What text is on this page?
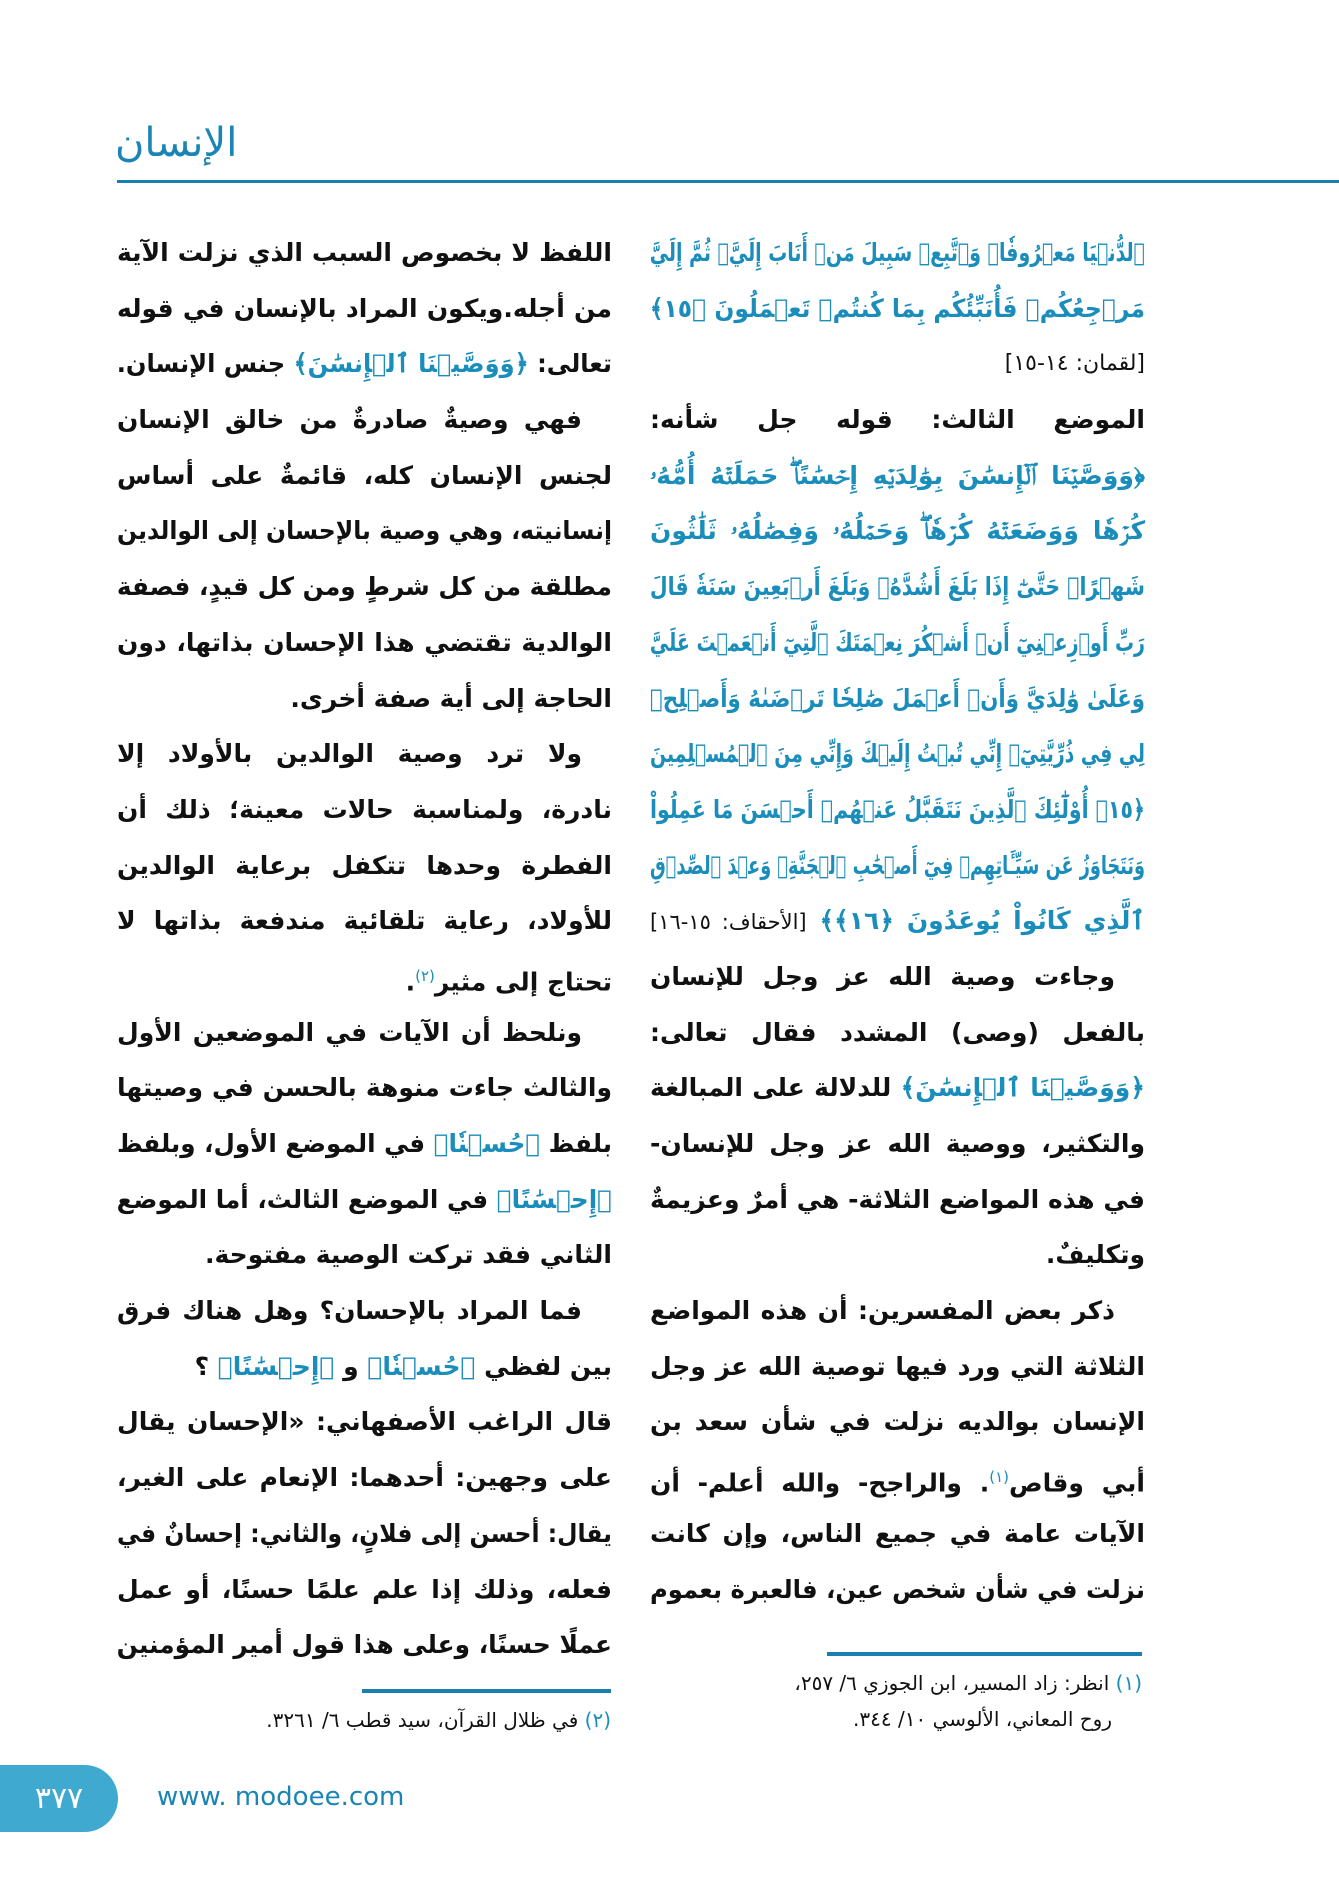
الإنسان
ٱلدُّنۡيَا مَعۡرُوفٗاۖ وَٱتَّبِعۡ سَبِيلَ مَنۡ أَنَابَ إِلَيَّۚ ثُمَّ إِلَيَّ
مَرۡجِعُكُمۡ فَأُنَبِّئُكُم بِمَا كُنتُمۡ تَعۡمَلُونَ ﴿١٥﴾
[لقمان: ١٤-١٥]
الموضع الثالث: قوله جل شأنه:
﴿وَوَصَّيۡنَا ٱلۡإِنسَٰنَ بِوَٰلِدَيۡهِ إِحۡسَٰنًاۖ حَمَلَتۡهُ أُمُّهُۥ
كُرۡهٗا وَوَضَعَتۡهُ كُرۡهٗاۖ وَحَمۡلُهُۥ وَفِصَٰلُهُۥ ثَلَٰثُونَ
شَهۡرًاۚ حَتَّىٰٓ إِذَا بَلَغَ أَشُدَّهُۥ وَبَلَغَ أَرۡبَعِينَ سَنَةٗ قَالَ
رَبِّ أَوۡزِعۡنِيٓ أَنۡ أَشۡكُرَ نِعۡمَتَكَ ٱلَّتِيٓ أَنۡعَمۡتَ عَلَيَّ
وَعَلَىٰ وَٰلِدَيَّ وَأَنۡ أَعۡمَلَ صَٰلِحٗا تَرۡضَىٰهُ وَأَصۡلِحۡ
لِي فِي ذُرِّيَّتِيٓۖ إِنِّي تُبۡتُ إِلَيۡكَ وَإِنِّي مِنَ ٱلۡمُسۡلِمِينَ
﴿١٥﴾ أُوْلَٰٓئِكَ ٱلَّذِينَ نَتَقَبَّلُ عَنۡهُمۡ أَحۡسَنَ مَا عَمِلُواْ
وَنَتَجَاوَزُ عَن سَيِّـَٔاتِهِمۡ فِيٓ أَصۡحَٰبِ ٱلۡجَنَّةِۖ وَعۡدَ ٱلصِّدۡقِ
ٱلَّذِي كَانُواْ يُوعَدُونَ ﴿١٦﴾﴾ [الأحقاف: ١٥-١٦]
وجاءت وصية الله عز وجل للإنسان
بالفعل (وصى) المشدد فقال تعالى:
﴿وَوَصَّيۡنَا ٱلۡإِنسَٰنَ﴾ للدلالة على المبالغة
والتكثير، ووصية الله عز وجل للإنسان-
في هذه المواضع الثلاثة- هي أمرٌ وعزيمةٌ
وتكليفٌ.
ذكر بعض المفسرين: أن هذه المواضع
الثلاثة التي ورد فيها توصية الله عز وجل
الإنسان بوالديه نزلت في شأن سعد بن
أبي وقاص$^{(١)}$. والراجح- والله أعلم- أن
الآيات عامة في جميع الناس، وإن كانت
نزلت في شأن شخص عين، فالعبرة بعموم
اللفظ لا بخصوص السبب الذي نزلت الآية
من أجله.ويكون المراد بالإنسان في قوله
تعالى: ﴿وَوَصَّيۡنَا ٱلۡإِنسَٰنَ﴾ جنس الإنسان.
فهي وصيةٌ صادرةٌ من خالق الإنسان
لجنس الإنسان كله، قائمةٌ على أساس
إنسانيته، وهي وصية بالإحسان إلى الوالدين
مطلقة من كل شرطٍ ومن كل قيدٍ، فصفة
الوالدية تقتضي هذا الإحسان بذاتها، دون
الحاجة إلى أية صفة أخرى.
ولا ترد وصية الوالدين بالأولاد إلا
نادرة، ولمناسبة حالات معينة؛ ذلك أن
الفطرة وحدها تتكفل برعاية الوالدين
للأولاد، رعاية تلقائية مندفعة بذاتها لا
تحتاج إلى مثير$^{(٢)}$.
ونلحظ أن الآيات في الموضعين الأول
والثالث جاءت منوهة بالحسن في وصيتها
بلفظ ﴿حُسۡنٗا﴾ في الموضع الأول، وبلفظ
﴿إِحۡسَٰنًا﴾ في الموضع الثالث، أما الموضع
الثاني فقد تركت الوصية مفتوحة.
فما المراد بالإحسان؟ وهل هناك فرق
بين لفظي ﴿حُسۡنٗا﴾ و ﴿إِحۡسَٰنًا﴾ ؟
قال الراغب الأصفهاني: «الإحسان يقال
على وجهين: أحدهما: الإنعام على الغير،
يقال: أحسن إلى فلانٍ، والثاني: إحسانٌ في
فعله، وذلك إذا علم علمًا حسنًا، أو عمل
عملًا حسنًا، وعلى هذا قول أمير المؤمنين
(١) انظر: زاد المسير، ابن الجوزي ٦/ ٢٥٧،
روح المعاني، الألوسي ١٠/ ٣٤٤.
(٢) في ظلال القرآن، سيد قطب ٦/ ٣٢٦١.
٣٧٧	www. modoee.com
